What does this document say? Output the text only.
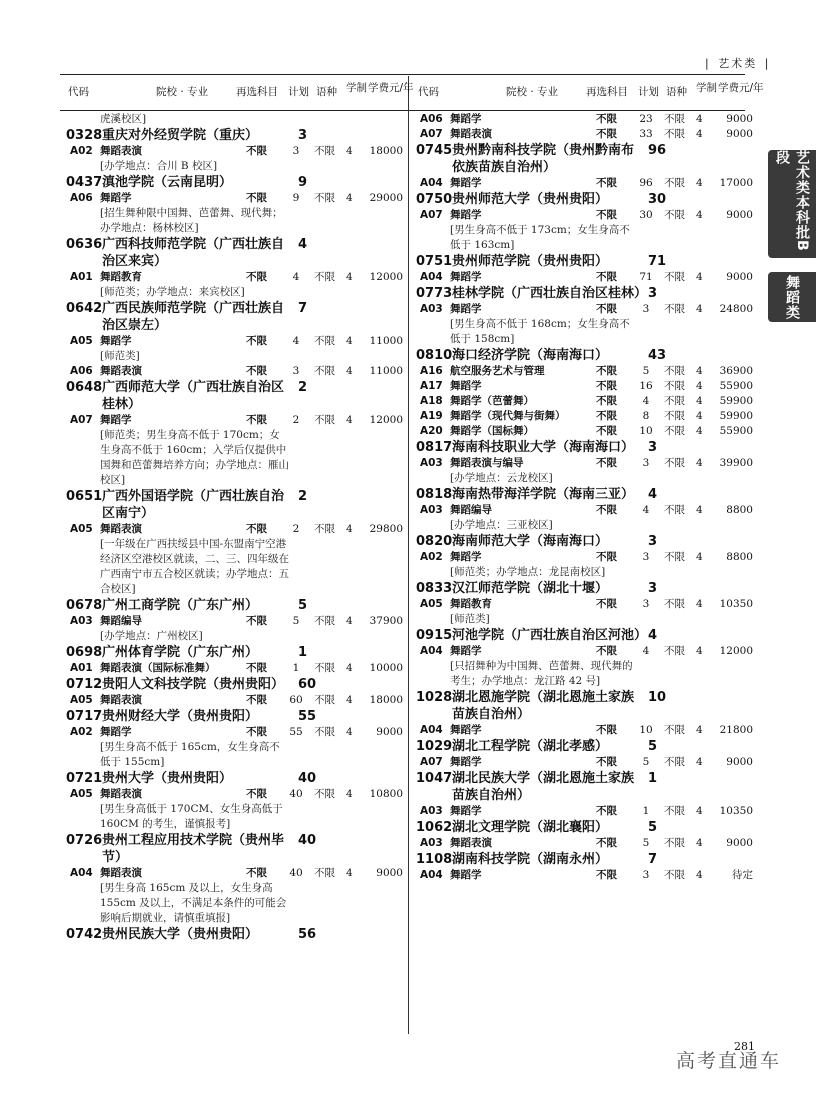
| 艺术类 |
代码	院校 · 专业	再选科目 计划 语种 学制 学费元/年
虎溪校区]
0328 重庆对外经贸学院（重庆）	3
A02 舞蹈表演	不限	3	不限 4	18000
[办学地点：合川 B 校区]
0437 滇池学院（云南昆明）	9
A06 舞蹈学	不限	9	不限 4	29000
[招生舞种限中国舞、芭蕾舞、现代舞；办学地点：杨林校区]
0636 广西科技师范学院（广西壮族自治区来宾）
4
A01 舞蹈教育	不限	4	不限 4	12000
[师范类；办学地点：来宾校区]
0642 广西民族师范学院（广西壮族自治区崇左）
7
A05 舞蹈学	不限	4	不限 4	11000
[师范类]
A06 舞蹈表演	不限	3	不限 4	11000
0648 广西师范大学（广西壮族自治区桂林）
2
A07 舞蹈学	不限	2	不限 4	12000
[师范类；男生身高不低于 170cm；女生身高不低于 160cm；入学后仅提供中国舞和芭蕾舞培养方向；办学地点：雁山校区]
0651 广西外国语学院（广西壮族自治区南宁）
2
A05 舞蹈表演	不限	2	不限 4	29800
[一年级在广西扶绥县中国-东盟南宁空港经济区空港校区就读，二、三、四年级在广西南宁市五合校区就读；办学地点：五合校区]
0678 广州工商学院（广东广州）	5
A03 舞蹈编导	不限	5	不限 4	37900
[办学地点：广州校区]
0698 广州体育学院（广东广州）	1
A01 舞蹈表演（国际标准舞）	不限	1	不限 4	10000
0712 贵阳人文科技学院（贵州贵阳）	60
A05 舞蹈表演	不限 60 不限 4	18000
0717 贵州财经大学（贵州贵阳）	55
A02 舞蹈学	不限 55 不限 4	9000
[男生身高不低于 165cm，女生身高不低于 155cm]
0721 贵州大学（贵州贵阳）	40
A05 舞蹈表演	不限 40 不限 4	10800
[男生身高低于 170CM、女生身高低于 160CM 的考生，谨慎报考]
0726 贵州工程应用技术学院（贵州毕节）
40
A04 舞蹈表演	不限 40 不限 4	9000
[男生身高 165cm 及以上，女生身高 155cm 及以上，不满足本条件的可能会影响后期就业，请慎重填报]
0742 贵州民族大学（贵州贵阳）	56
代码	院校 · 专业	再选科目 计划 语种 学制 学费元/年
A06 舞蹈学	不限 23 不限 4	9000
A07 舞蹈表演	不限 33 不限 4	9000
0745 贵州黔南科技学院（贵州黔南布依族苗族自治州）
96
A04 舞蹈学	不限 96 不限 4	17000
0750 贵州师范大学（贵州贵阳）	30
A07 舞蹈学	不限 30 不限 4	9000
[男生身高不低于 173cm；女生身高不低于 163cm]
0751 贵州师范学院（贵州贵阳）	71
A04 舞蹈学	不限 71 不限 4	9000
0773 桂林学院（广西壮族自治区桂林） 3
A03 舞蹈学	不限	3	不限 4	24800
[男生身高不低于 168cm；女生身高不低于 158cm]
0810 海口经济学院（海南海口）	43
A16 航空服务艺术与管理	不限	5	不限 4	36900
A17 舞蹈学	不限 16 不限 4	55900
A18 舞蹈学（芭蕾舞）	不限	4	不限 4	59900
A19 舞蹈学（现代舞与街舞）	不限	8	不限 4	59900
A20 舞蹈学（国标舞）	不限 10 不限 4	55900
0817 海南科技职业大学（海南海口）	3
A03 舞蹈表演与编导	不限	3	不限 4	39900
[办学地点：云龙校区]
0818 海南热带海洋学院（海南三亚）	4
A03 舞蹈编导	不限	4	不限 4	8800
[办学地点：三亚校区]
0820 海南师范大学（海南海口）	3
A02 舞蹈学	不限	3	不限 4	8800
[师范类；办学地点：龙昆南校区]
0833 汉江师范学院（湖北十堰）	3
A05 舞蹈教育	不限	3	不限 4	10350
[师范类]
0915 河池学院（广西壮族自治区河池） 4
A04 舞蹈学	不限	4	不限 4	12000
[只招舞种为中国舞、芭蕾舞、现代舞的考生；办学地点：龙江路 42 号]
1028 湖北恩施学院（湖北恩施土家族苗族自治州）
10
A04 舞蹈学	不限 10 不限 4	21800
1029 湖北工程学院（湖北孝感）	5
A07 舞蹈学	不限	5	不限 4	9000
1047 湖北民族大学（湖北恩施土家族苗族自治州）
1
A03 舞蹈学	不限	1	不限 4	10350
1062 湖北文理学院（湖北襄阳）	5
A03 舞蹈表演	不限	5	不限 4	9000
1108 湖南科技学院（湖南永州）	7
A04 舞蹈学	不限	3	不限 4	待定
艺术类本科批B段
舞蹈类
281
高考直通车
